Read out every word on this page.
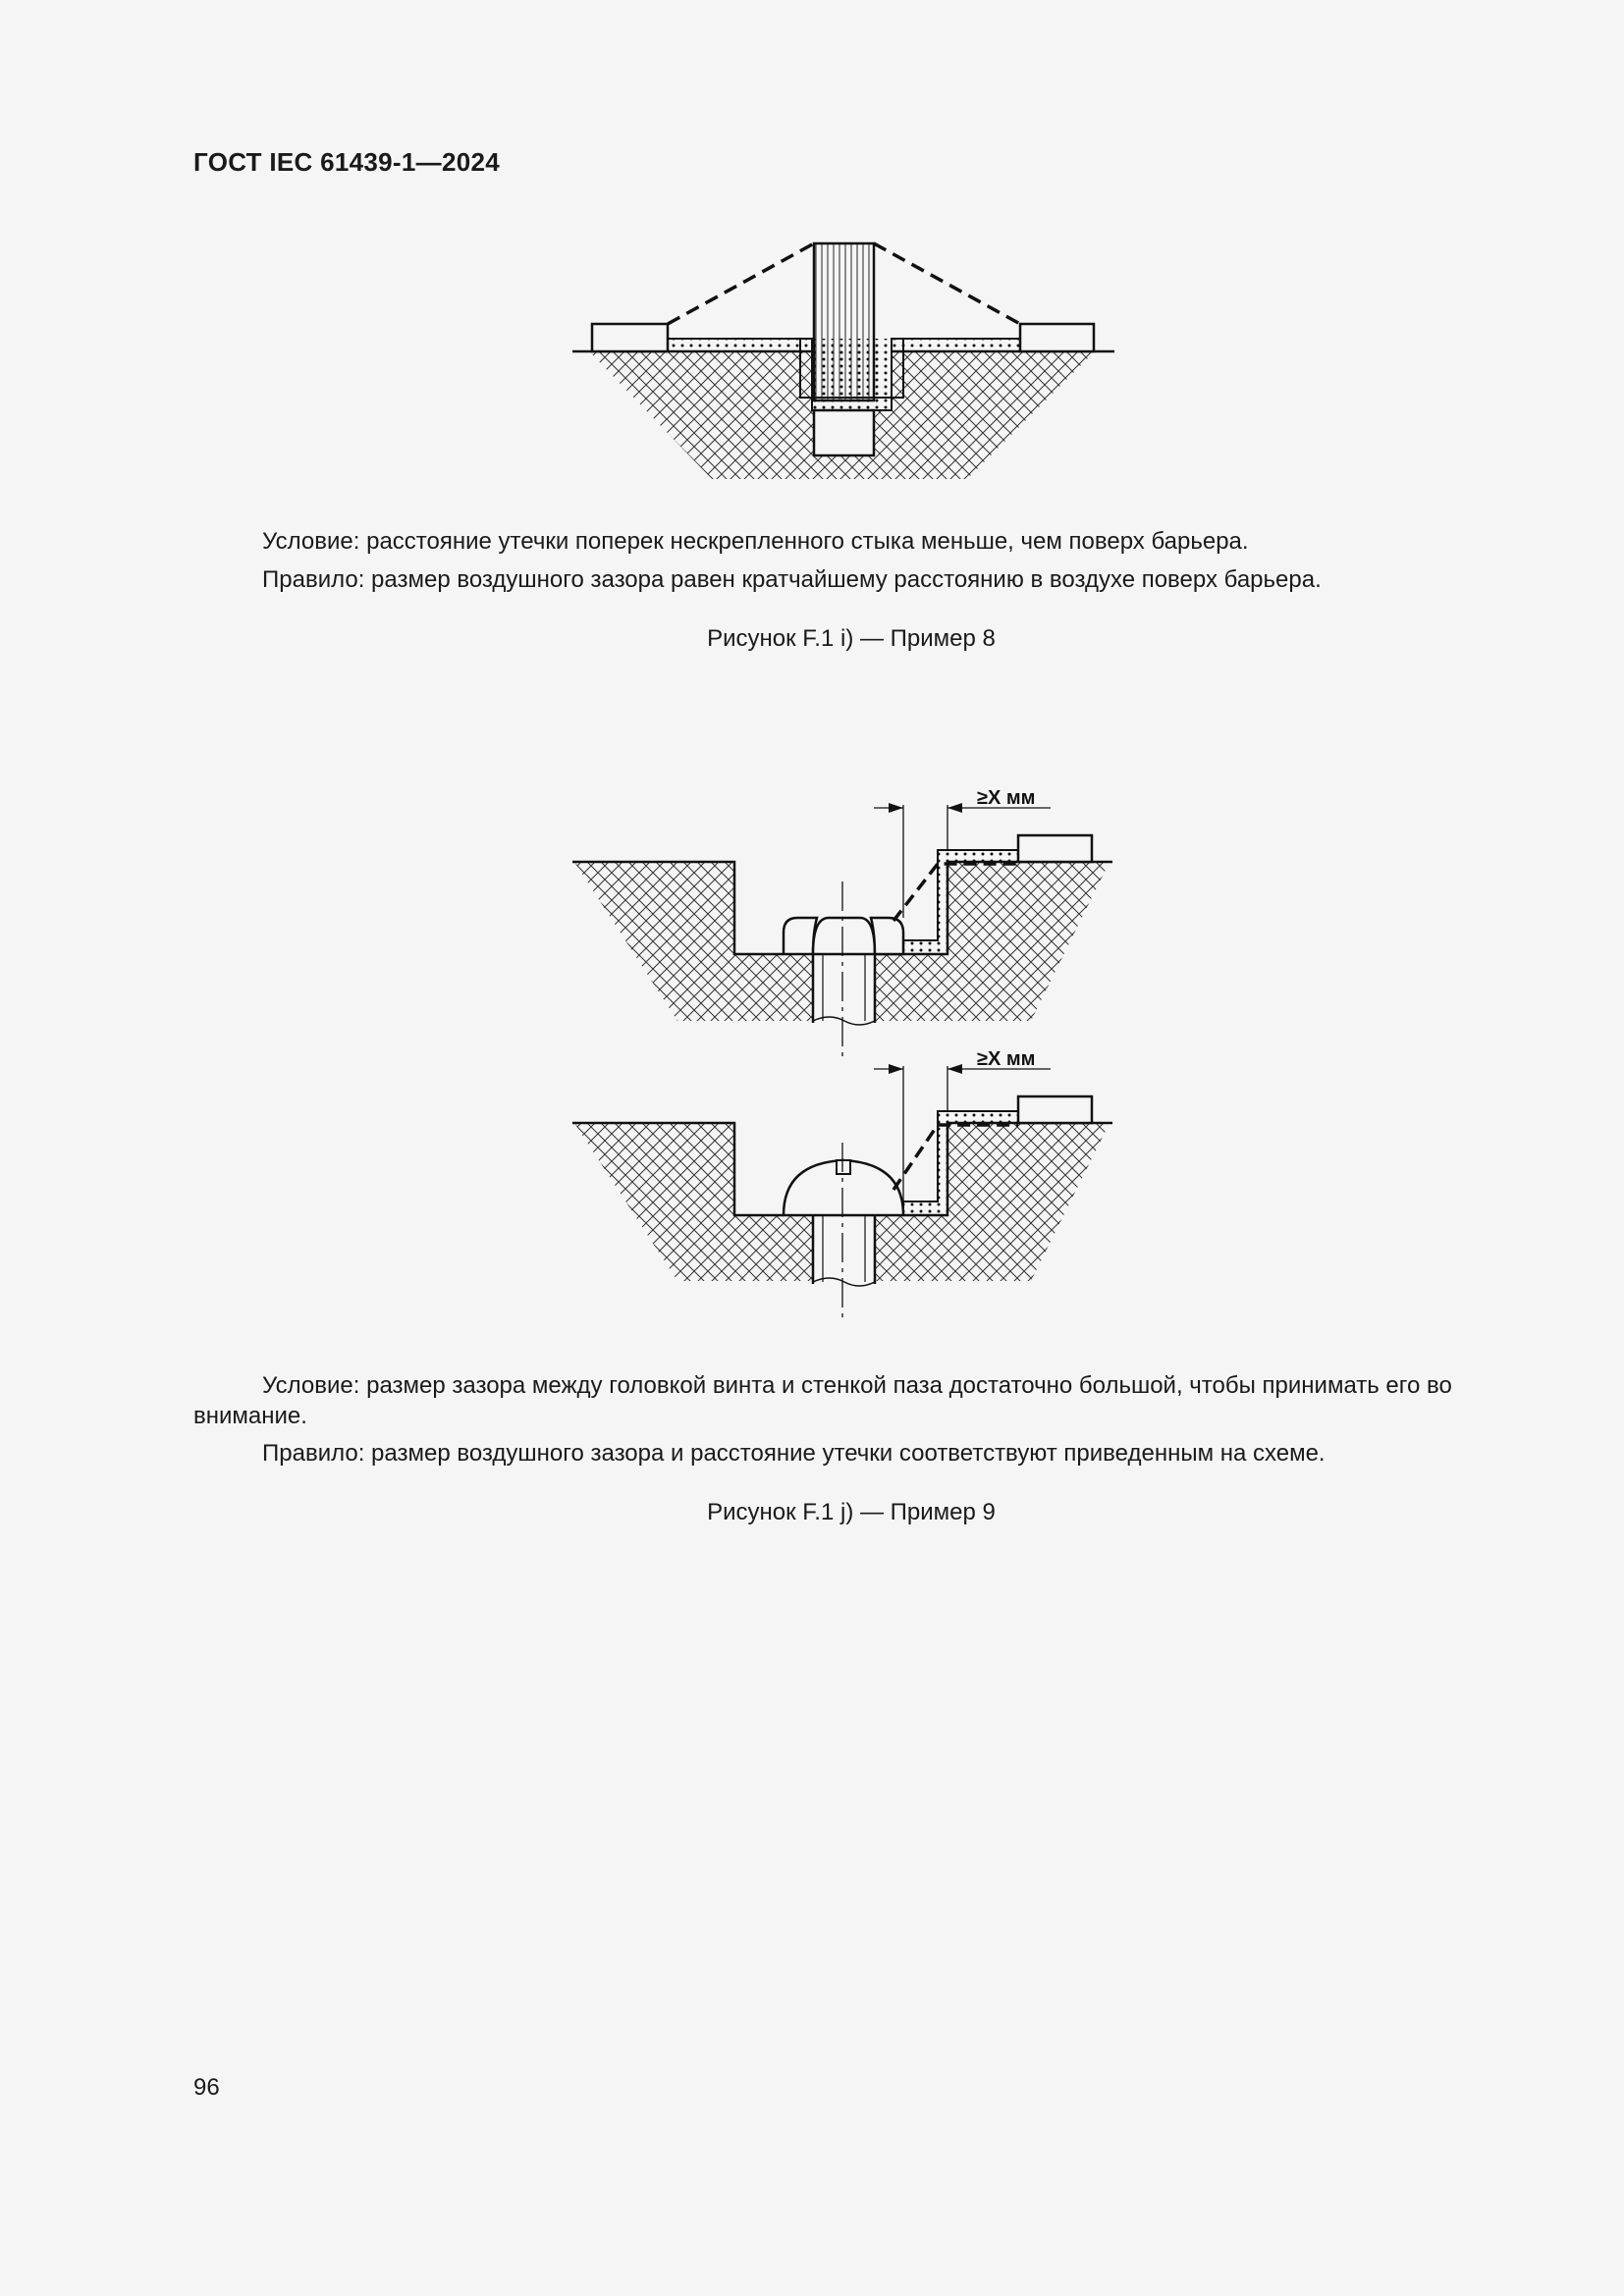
ГОСТ IEC 61439-1—2024

Условие: расстояние утечки поперек нескрепленного стыка меньше, чем поверх барьера.

Правило: размер воздушного зазора равен кратчайшему расстоянию в воздухе поверх барьера.

Рисунок F.1 i) — Пример 8
≥X мм
≥X мм

Условие: размер зазора между головкой винта и стенкой паза достаточно большой, чтобы принимать его во внимание.

Правило: размер воздушного зазора и расстояние утечки соответствуют приведенным на схеме.

Рисунок F.1 j) — Пример 9
96
